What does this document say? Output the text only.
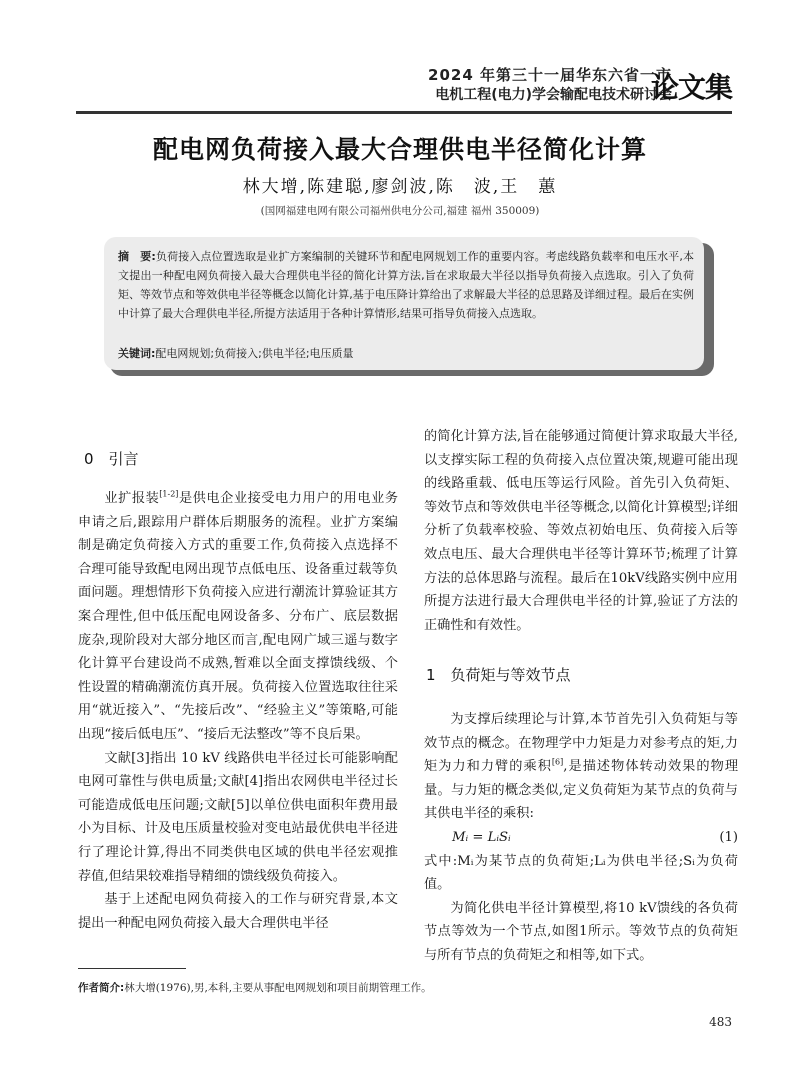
2024 年第三十一届华东六省一市
电机工程(电力)学会输配电技术研讨会
论文集
配电网负荷接入最大合理供电半径简化计算
林大增,陈建聪,廖剑波,陈　波,王　蕙
(国网福建电网有限公司福州供电分公司,福建 福州 350009)
摘　要:负荷接入点位置选取是业扩方案编制的关键环节和配电网规划工作的重要内容。考虑线路负载率和电压水平,本文提出一种配电网负荷接入最大合理供电半径的简化计算方法,旨在求取最大半径以指导负荷接入点选取。引入了负荷矩、等效节点和等效供电半径等概念以简化计算,基于电压降计算给出了求解最大半径的总思路及详细过程。最后在实例中计算了最大合理供电半径,所提方法适用于各种计算情形,结果可指导负荷接入点选取。
关键词:配电网规划;负荷接入;供电半径;电压质量
0　引言

业扩报装[1-2]是供电企业接受电力用户的用电业务申请之后,跟踪用户群体后期服务的流程。业扩方案编制是确定负荷接入方式的重要工作,负荷接入点选择不合理可能导致配电网出现节点低电压、设备重过载等负面问题。理想情形下负荷接入应进行潮流计算验证其方案合理性,但中低压配电网设备多、分布广、底层数据庞杂,现阶段对大部分地区而言,配电网广域三遥与数字化计算平台建设尚不成熟,暂难以全面支撑馈线级、个性设置的精确潮流仿真开展。负荷接入位置选取往往采用“就近接入”、“先接后改”、“经验主义”等策略,可能出现“接后低电压”、“接后无法整改”等不良后果。

文献[3]指出 10 kV 线路供电半径过长可能影响配电网可靠性与供电质量;文献[4]指出农网供电半径过长可能造成低电压问题;文献[5]以单位供电面积年费用最小为目标、计及电压质量校验对变电站最优供电半径进行了理论计算,得出不同类供电区域的供电半径宏观推荐值,但结果较难指导精细的馈线级负荷接入。

基于上述配电网负荷接入的工作与研究背景,本文提出一种配电网负荷接入最大合理供电半径

的简化计算方法,旨在能够通过简便计算求取最大半径,以支撑实际工程的负荷接入点位置决策,规避可能出现的线路重载、低电压等运行风险。首先引入负荷矩、等效节点和等效供电半径等概念,以简化计算模型;详细分析了负载率校验、等效点初始电压、负荷接入后等效点电压、最大合理供电半径等计算环节;梳理了计算方法的总体思路与流程。最后在10kV线路实例中应用所提方法进行最大合理供电半径的计算,验证了方法的正确性和有效性。

1　负荷矩与等效节点

为支撑后续理论与计算,本节首先引入负荷矩与等效节点的概念。在物理学中力矩是力对参考点的矩,力矩为力和力臂的乘积[6],是描述物体转动效果的物理量。与力矩的概念类似,定义负荷矩为某节点的负荷与其供电半径的乘积:

Mᵢ = LᵢSᵢ	(1)

式中:Mᵢ为某节点的负荷矩;Lᵢ为供电半径;Sᵢ为负荷值。

为简化供电半径计算模型,将10 kV馈线的各负荷节点等效为一个节点,如图1所示。等效节点的负荷矩与所有节点的负荷矩之和相等,如下式。

作者简介:林大增(1976),男,本科,主要从事配电网规划和项目前期管理工作。
483
